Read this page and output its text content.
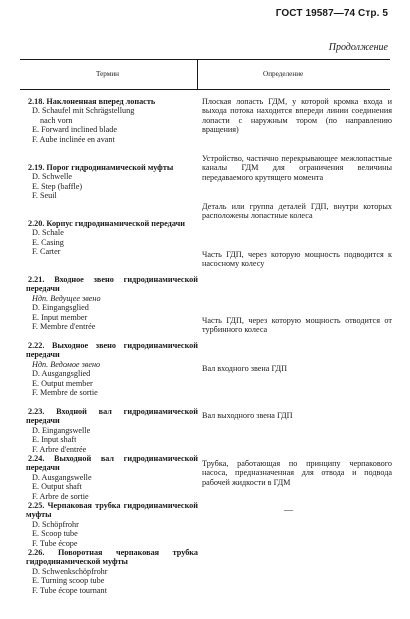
ГОСТ 19587—74 Стр. 5
Продолжение
Термин	Определение
2.18. Наклоненная вперед лопасть
D. Schaufel mit Schrägstellung
nach vorn
E. Forward inclined blade
F. Aube inclinée en avant
2.19. Порог гидродинамической муфты
D. Schwelle
E. Step (baffle)
F. Seuil
2.20. Корпус гидродинамической передачи
D. Schale
E. Casing
F. Carter
2.21. Входное звено гидродинамической передачи
Ндп. Ведущее звено
D. Eingangsglied
E. Input member
F. Membre d'entrée
2.22. Выходное звено гидродинамической передачи
Ндп. Ведомое звено
D. Ausgangsglied
E. Output member
F. Membre de sortie
2.23. Входной вал гидродинамической передачи
D. Eingangswelle
E. Input shaft
F. Arbre d'entrée
2.24. Выходной вал гидродинамической передачи
D. Ausgangswelle
E. Output shaft
F. Arbre de sortie
2.25. Черпаковая трубка гидродинамической муфты
D. Schöpfrohr
E. Scoop tube
F. Tube écope
2.26. Поворотная черпаковая трубка гидродинамической муфты
D. Schwenkschöpfrohr
E. Turning scoop tube
F. Tube écope tournant
Плоская лопасть ГДМ, у которой кромка входа и выхода потока находится впереди линии соединения лопасти с наружным тором (по направлению вращения)
Устройство, частично перекрывающее межлопастные каналы ГДМ для ограничения величины передаваемого крутящего момента
Деталь или группа деталей ГДП, внутри которых расположены лопастные колеса
Часть ГДП, через которую мощность подводится к насосному колесу
Часть ГДП, через которую мощность отводится от турбинного колеса
Вал входного звена ГДП
Вал выходного звена ГДП
Трубка, работающая по принципу черпакового насоса, предназначенная для отвода и подвода рабочей жидкости в ГДМ
—
